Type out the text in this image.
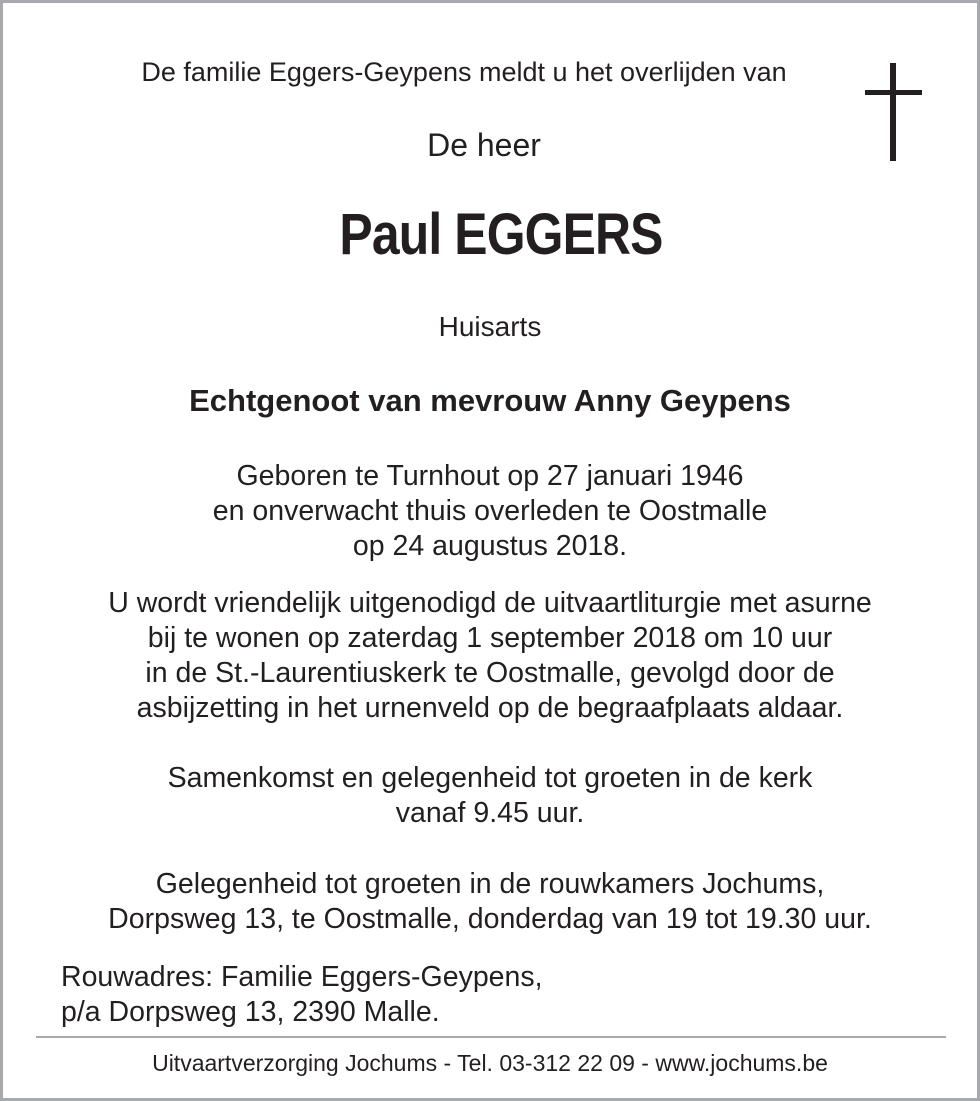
De familie Eggers-Geypens meldt u het overlijden van
De heer
Paul EGGERS
Huisarts
Echtgenoot van mevrouw Anny Geypens
Geboren te Turnhout op 27 januari 1946
en onverwacht thuis overleden te Oostmalle
op 24 augustus 2018.
U wordt vriendelijk uitgenodigd de uitvaartliturgie met asurne
bij te wonen op zaterdag 1 september 2018 om 10 uur
in de St.-Laurentiuskerk te Oostmalle, gevolgd door de
asbijzetting in het urnenveld op de begraafplaats aldaar.
Samenkomst en gelegenheid tot groeten in de kerk
vanaf 9.45 uur.
Gelegenheid tot groeten in de rouwkamers Jochums,
Dorpsweg 13, te Oostmalle, donderdag van 19 tot 19.30 uur.
Rouwadres: Familie Eggers-Geypens,
p/a Dorpsweg 13, 2390 Malle.
Uitvaartverzorging Jochums - Tel. 03-312 22 09 - www.jochums.be
